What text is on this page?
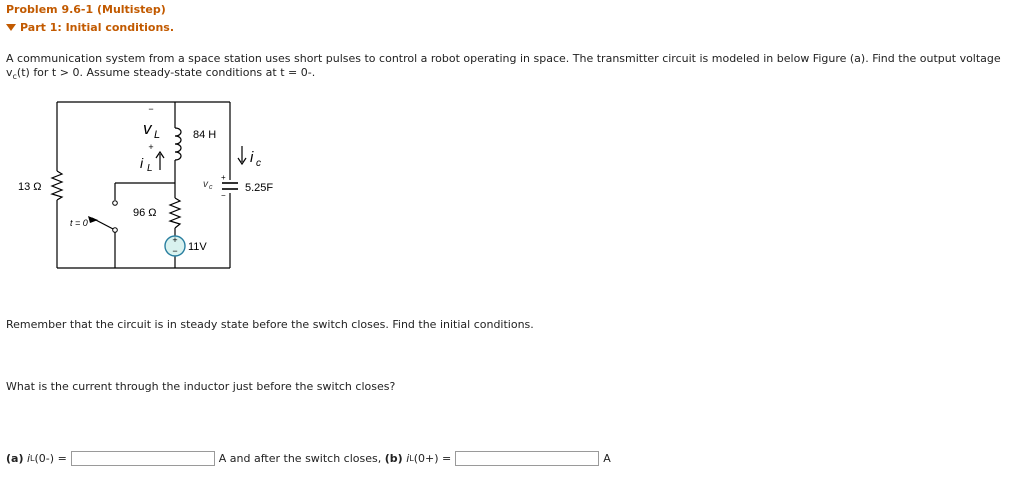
Problem 9.6-1 (Multistep)
Part 1: Initial conditions.
A communication system from a space station uses short pulses to control a robot operating in space. The transmitter circuit is modeled in below Figure (a). Find the output voltage
$v_c(t)$ for t > 0. Assume steady-state conditions at t = 0-.
+
−
−
v L
+
84 H
i L
i c
13 Ω
96 Ω
t = 0
v c
+
−
5.25F
11V
Remember that the circuit is in steady state before the switch closes. Find the initial conditions.
What is the current through the inductor just before the switch closes?
(a)
i L (0-) =	A and after the switch closes,
(b)
i L (0+) =	A
